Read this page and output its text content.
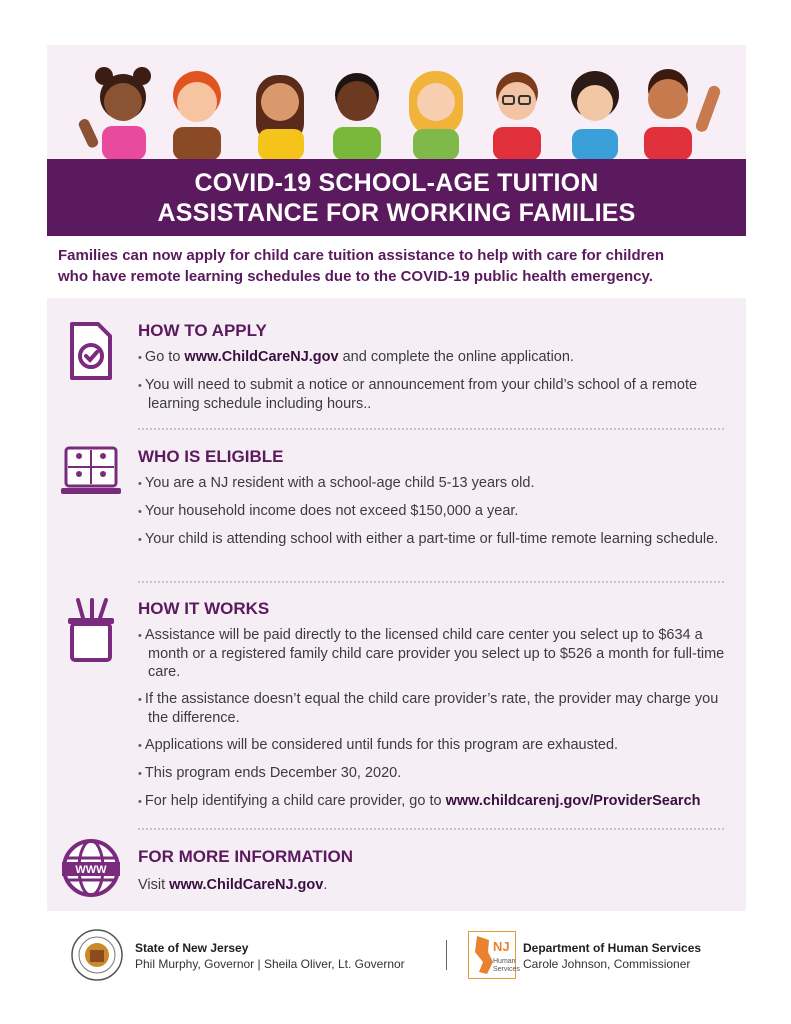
COVID-19 SCHOOL-AGE TUITION
ASSISTANCE FOR WORKING FAMILIES
Families can now apply for child care tuition assistance to help with care for children
who have remote learning schedules due to the COVID-19 public health emergency.
HOW TO APPLY
• Go to www.ChildCareNJ.gov and complete the online application.
• You will need to submit a notice or announcement from your child’s school of a remote learning schedule including hours..
WHO IS ELIGIBLE
• You are a NJ resident with a school-age child 5-13 years old.
• Your household income does not exceed $150,000 a year.
• Your child is attending school with either a part-time or full-time remote learning schedule.
HOW IT WORKS
• Assistance will be paid directly to the licensed child care center you select up to $634 a month or a registered family child care provider you select up to $526 a month for full-time care.
• If the assistance doesn’t equal the child care provider’s rate, the provider may charge you the difference.
• Applications will be considered until funds for this program are exhausted.
• This program ends December 30, 2020.
• For help identifying a child care provider, go to www.childcarenj.gov/ProviderSearch
WWW
FOR MORE INFORMATION
Visit www.ChildCareNJ.gov.
State of New Jersey
Phil Murphy, Governor | Sheila Oliver, Lt. Governor
NJ
Human
Services
Department of Human Services
Carole Johnson, Commissioner
